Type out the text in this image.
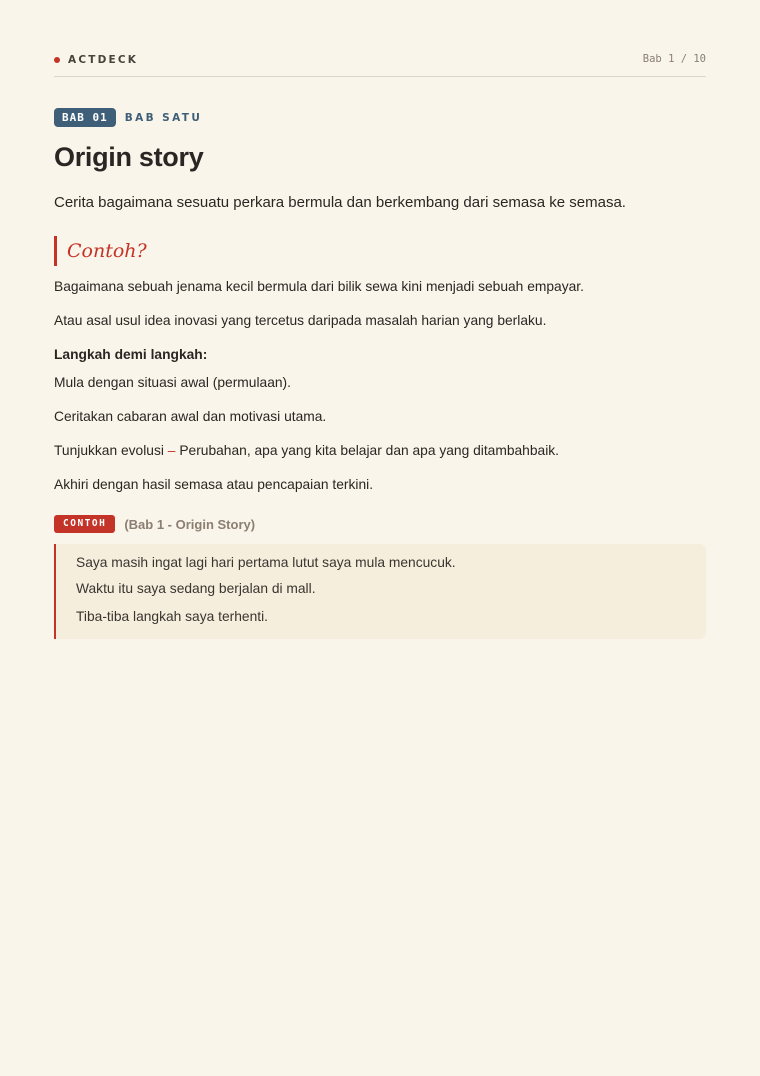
ACTDECK	Bab 1 / 10
BAB 01	BAB SATU
Origin story

Cerita bagaimana sesuatu perkara bermula dan berkembang dari semasa ke semasa.

Contoh?

Bagaimana sebuah jenama kecil bermula dari bilik sewa kini menjadi sebuah empayar.

Atau asal usul idea inovasi yang tercetus daripada masalah harian yang berlaku.

Langkah demi langkah:

Mula dengan situasi awal (permulaan).

Ceritakan cabaran awal dan motivasi utama.

Tunjukkan evolusi – Perubahan, apa yang kita belajar dan apa yang ditambahbaik.

Akhiri dengan hasil semasa atau pencapaian terkini.

CONTOH	(Bab 1 - Origin Story)

Saya masih ingat lagi hari pertama lutut saya mula mencucuk.

Waktu itu saya sedang berjalan di mall.

Tiba-tiba langkah saya terhenti.
